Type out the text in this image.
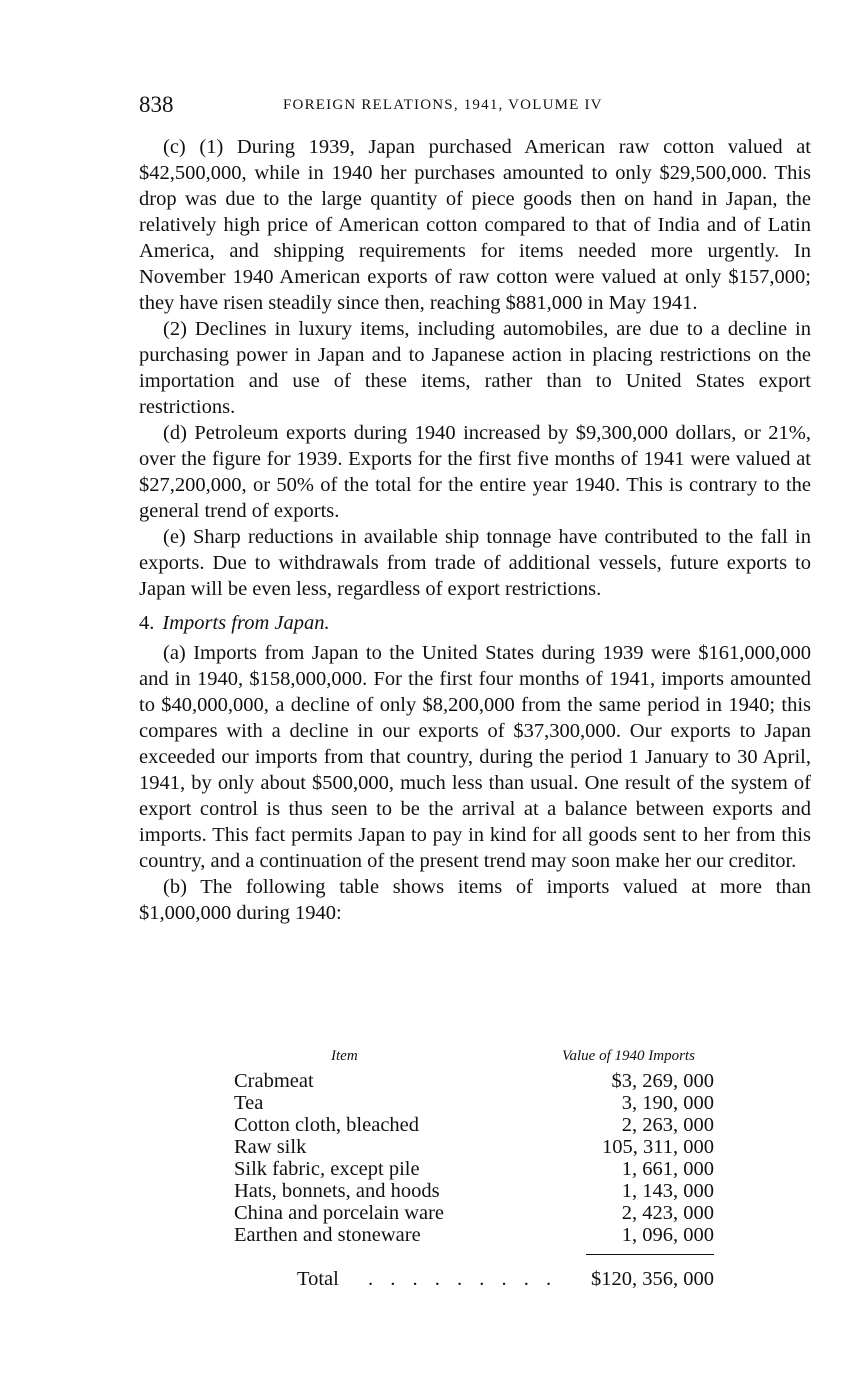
838	FOREIGN RELATIONS, 1941, VOLUME IV

(c) (1) During 1939, Japan purchased American raw cotton valued at $42,500,000, while in 1940 her purchases amounted to only $29,500,000. This drop was due to the large quantity of piece goods then on hand in Japan, the relatively high price of American cotton compared to that of India and of Latin America, and shipping requirements for items needed more urgently. In November 1940 American exports of raw cotton were valued at only $157,000; they have risen steadily since then, reaching $881,000 in May 1941.

(2) Declines in luxury items, including automobiles, are due to a decline in purchasing power in Japan and to Japanese action in placing restrictions on the importation and use of these items, rather than to United States export restrictions.

(d) Petroleum exports during 1940 increased by $9,300,000 dollars, or 21%, over the figure for 1939. Exports for the first five months of 1941 were valued at $27,200,000, or 50% of the total for the entire year 1940. This is contrary to the general trend of exports.

(e) Sharp reductions in available ship tonnage have contributed to the fall in exports. Due to withdrawals from trade of additional vessels, future exports to Japan will be even less, regardless of export restrictions.

4. Imports from Japan.

(a) Imports from Japan to the United States during 1939 were $161,000,000 and in 1940, $158,000,000. For the first four months of 1941, imports amounted to $40,000,000, a decline of only $8,200,000 from the same period in 1940; this compares with a decline in our exports of $37,300,000. Our exports to Japan exceeded our imports from that country, during the period 1 January to 30 April, 1941, by only about $500,000, much less than usual. One result of the system of export control is thus seen to be the arrival at a balance between exports and imports. This fact permits Japan to pay in kind for all goods sent to her from this country, and a continuation of the present trend may soon make her our creditor.

(b) The following table shows items of imports valued at more than $1,000,000 during 1940:

Item	Value of 1940 Imports
Crabmeat	$3, 269, 000
Tea	3, 190, 000
Cotton cloth, bleached	2, 263, 000
Raw silk	105, 311, 000
Silk fabric, except pile	1, 661, 000
Hats, bonnets, and hoods	1, 143, 000
China and porcelain ware	2, 423, 000
Earthen and stoneware	1, 096, 000
Total . . . . . . . . . $120, 356, 000
